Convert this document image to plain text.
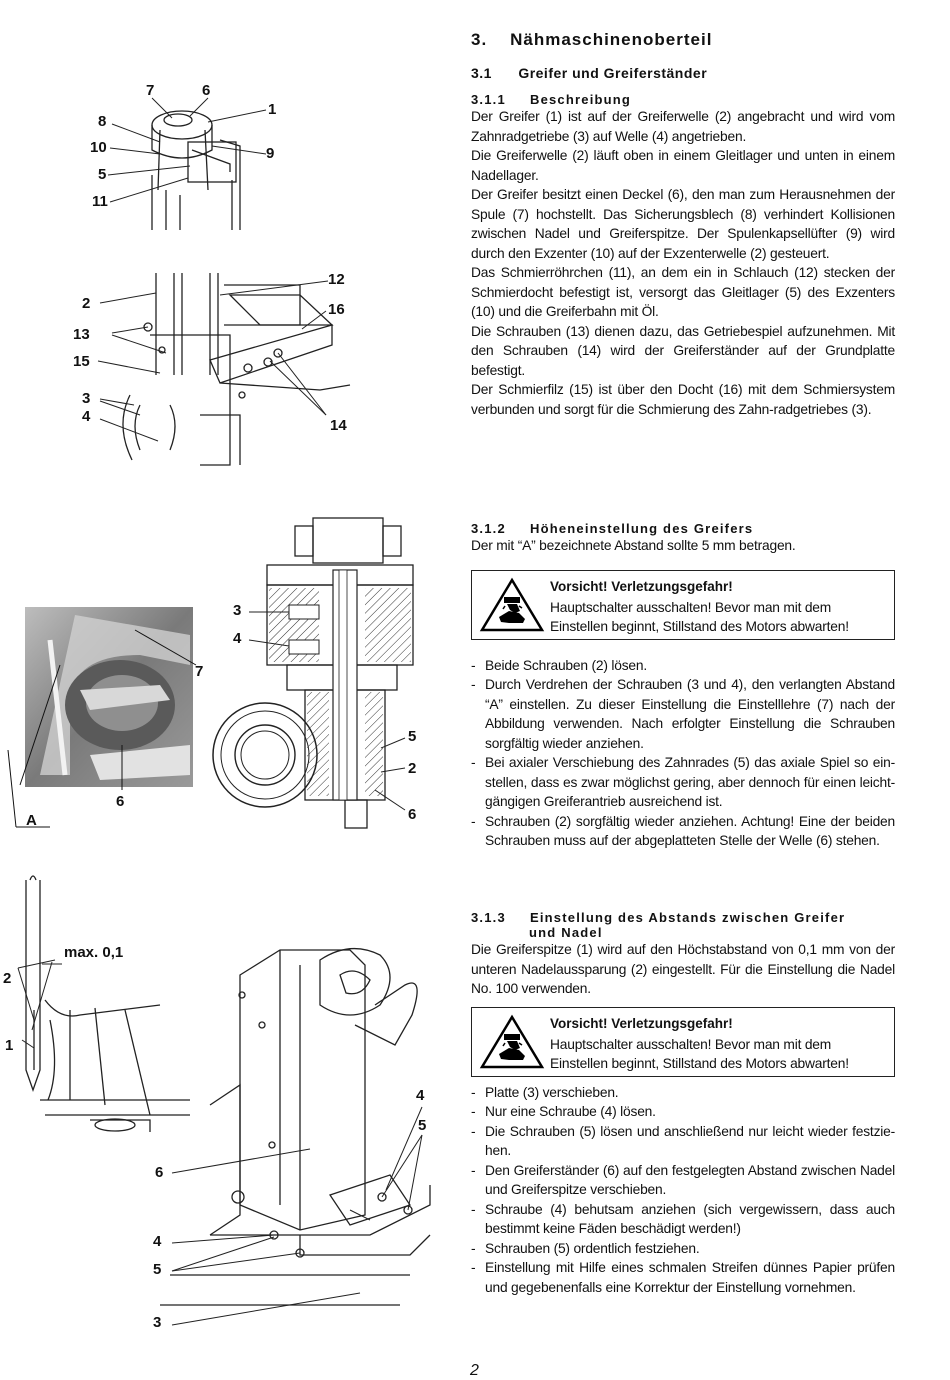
3. Nähmaschinenoberteil
3.1 Greifer und Greiferständer
3.1.1 Beschreibung

Der Greifer (1) ist auf der Greiferwelle (2) angebracht und wird vom Zahnradgetriebe (3) auf Welle (4) angetrieben.

Die Greiferwelle (2) läuft oben in einem Gleitlager und unten in einem Nadellager.

Der Greifer besitzt einen Deckel (6), den man zum Herausnehmen der Spule (7) hochstellt. Das Sicherungsblech (8) verhindert Kollisionen zwischen Nadel und Greiferspitze. Der Spulenkapsellüfter (9) wird durch den Exzenter (10) auf der Exzenterwelle (2) gesteuert.

Das Schmierröhrchen (11), an dem ein in Schlauch (12) stecken der Schmierdocht befestigt ist, versorgt das Gleitlager (5) des Exzenters (10) und die Greiferbahn mit Öl.

Die Schrauben (13) dienen dazu, das Getriebespiel aufzunehmen. Mit den Schrauben (14) wird der Greiferständer auf der Grundplatte befestigt.

Der Schmierfilz (15) ist über den Docht (16) mit dem Schmiersystem verbunden und sorgt für die Schmierung des Zahn-radgetriebes (3).

3.1.2 Höheneinstellung des Greifers

Der mit “A” bezeichnete Abstand sollte 5 mm betragen.

Vorsicht! Verletzungsgefahr!
Hauptschalter ausschalten! Bevor man mit dem Einstellen beginnt, Stillstand des Motors abwarten!
- Beide Schrauben (2) lösen.
- Durch Verdrehen der Schrauben (3 und 4), den verlangten Abstand “A” einstellen. Zu dieser Einstellung die Einstelllehre (7) nach der Abbildung verwenden. Nach erfolgter Einstellung die Schrauben sorgfältig wieder anziehen.
- Bei axialer Verschiebung des Zahnrades (5) das axiale Spiel so ein-stellen, dass es zwar möglichst gering, aber dennoch für einen leicht-gängigen Greiferantrieb ausreichend ist.
- Schrauben (2) sorgfältig wieder anziehen. Achtung! Eine der beiden Schrauben muss auf der abgeplatteten Stelle der Welle (6) stehen.
3.1.3 Einstellung des Abstands zwischen Greifer
und Nadel

Die Greiferspitze (1) wird auf den Höchstabstand von 0,1 mm von der unteren Nadelaussparung (2) eingestellt. Für die Einstellung die Nadel No. 100 verwenden.

Vorsicht! Verletzungsgefahr!
Hauptschalter ausschalten! Bevor man mit dem Einstellen beginnt, Stillstand des Motors abwarten!
- Platte (3) verschieben.
- Nur eine Schraube (4) lösen.
- Die Schrauben (5) lösen und anschließend nur leicht wieder festzie-hen.
- Den Greiferständer (6) auf den festgelegten Abstand zwischen Nadel und Greiferspitze verschieben.
- Schraube (4) behutsam anziehen (sich vergewissern, dass auch bestimmt keine Fäden beschädigt werden!)
- Schrauben (5) ordentlich festziehen.
- Einstellung mit Hilfe eines schmalen Streifen dünnes Papier prüfen und gegebenenfalls eine Korrektur der Einstellung vornehmen.
7	6
1
8
9
10
5
11
12
2	16
13
15
3
4
14
3
4
7
6
A
5
2
6
max. 0,1
2
1
4
5
6
4
5
3
2
